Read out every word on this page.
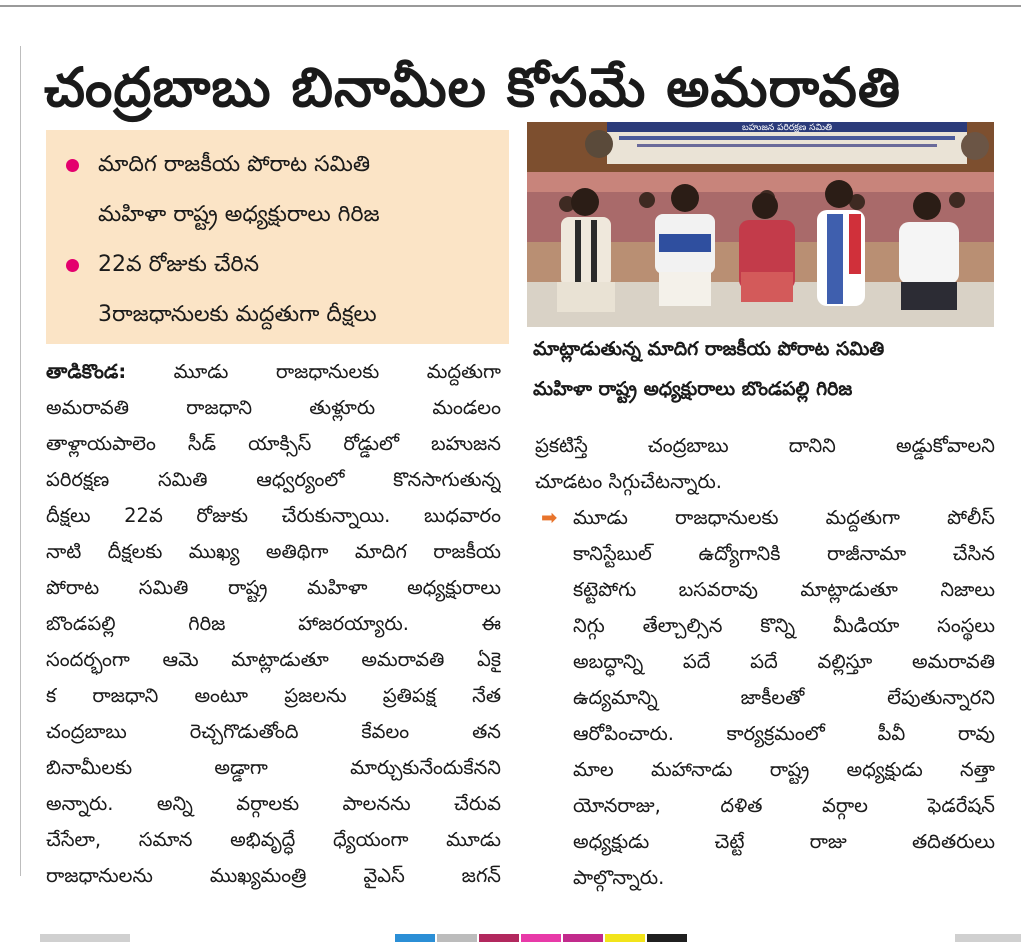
చంద్రబాబు బినామీల కోసమే అమరావతి
మాదిగ రాజకీయ పోరాట సమితి
మహిళా రాష్ట్ర అధ్యక్షురాలు గిరిజ
22వ రోజుకు చేరిన
3రాజధానులకు మద్దతుగా దీక్షలు
బహుజన పరిరక్షణ సమితి
మాట్లాడుతున్న మాదిగ రాజకీయ పోరాట సమితి
మహిళా రాష్ట్ర అధ్యక్షురాలు బొండపల్లి గిరిజ
తాడికొండ: మూడు రాజధానులకు మద్దతుగా
అమరావతి రాజధాని తుళ్లూరు మండలం
తాళ్లాయపాలెం సీడ్ యాక్సిస్ రోడ్డులో బహుజన
పరిరక్షణ సమితి ఆధ్వర్యంలో కొనసాగుతున్న
దీక్షలు 22వ రోజుకు చేరుకున్నాయి. బుధవారం
నాటి దీక్షలకు ముఖ్య అతిథిగా మాదిగ రాజకీయ
పోరాట సమితి రాష్ట్ర మహిళా అధ్యక్షురాలు
బొండపల్లి గిరిజ హాజరయ్యారు. ఈ
సందర్భంగా ఆమె మాట్లాడుతూ అమరావతి ఏకై
క రాజధాని అంటూ ప్రజలను ప్రతిపక్ష నేత
చంద్రబాబు రెచ్చగొడుతోంది కేవలం తన
బినామీలకు అడ్డాగా మార్చుకునేందుకేనని
అన్నారు. అన్ని వర్గాలకు పాలనను చేరువ
చేసేలా, సమాన అభివృద్ధే ధ్యేయంగా మూడు
రాజధానులను ముఖ్యమంత్రి వైఎస్ జగన్
ప్రకటిస్తే చంద్రబాబు దానిని అడ్డుకోవాలని
చూడటం సిగ్గుచేటన్నారు.
➡ మూడు రాజధానులకు మద్దతుగా పోలీస్
కానిస్టేబుల్ ఉద్యోగానికి రాజీనామా చేసిన
కట్టెపోగు బసవరావు మాట్లాడుతూ నిజాలు
నిగ్గు తేల్చాల్సిన కొన్ని మీడియా సంస్థలు
అబద్ధాన్ని పదే పదే వల్లిస్తూ అమరావతి
ఉద్యమాన్ని జాకీలతో లేపుతున్నారని
ఆరోపించారు. కార్యక్రమంలో పీవీ రావు
మాల మహానాడు రాష్ట్ర అధ్యక్షుడు నత్తా
యోనరాజు, దళిత వర్గాల ఫెడరేషన్
అధ్యక్షుడు చెట్టే రాజు తదితరులు
పాల్గొన్నారు.
